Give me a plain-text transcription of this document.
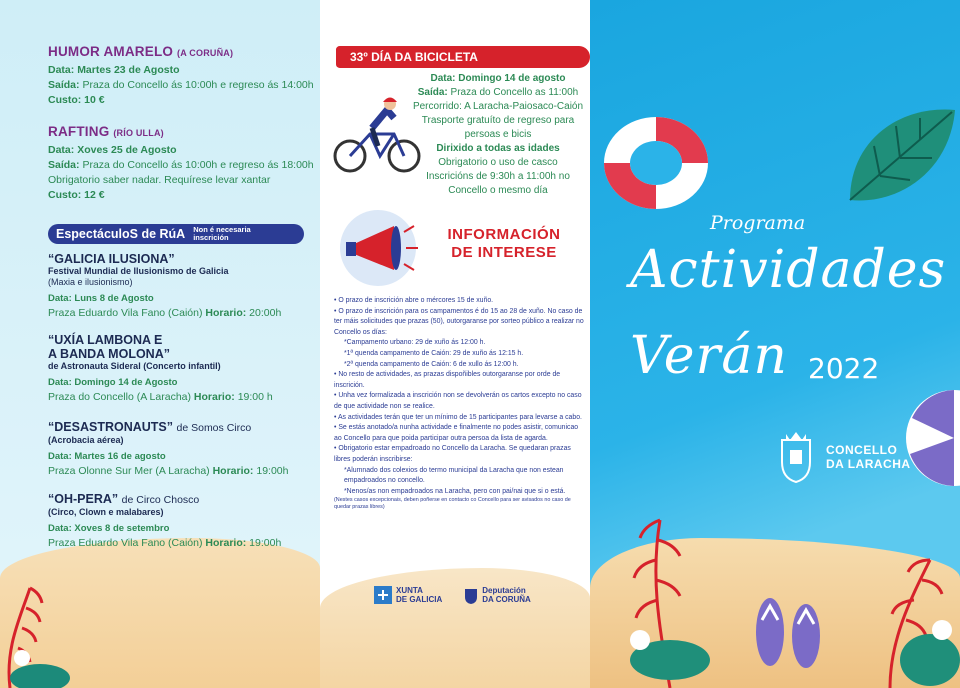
HUMOR AMARELO (A CORUÑA)
Data: Martes 23 de Agosto
Saída: Praza do Concello ás 10:00h e regreso ás 14:00h
Custo: 10 €
RAFTING (RÍO ULLA)
Data: Xoves 25 de Agosto
Saída: Praza do Concello ás 10:00h e regreso ás 18:00h
Obrigatorio saber nadar. Requírese levar xantar
Custo: 12 €
EspectáculoS de RúA Non é necesaria
inscrición
“GALICIA ILUSIONA”
Festival Mundial de Ilusionismo de Galicia
(Maxia e ilusionismo)
Data: Luns 8 de Agosto
Praza Eduardo Vila Fano (Caión) Horario: 20:00h
“UXÍA LAMBONA E
A BANDA MOLONA”
de Astronauta Sideral (Concerto infantil)
Data: Domingo 14 de Agosto
Praza do Concello (A Laracha) Horario: 19:00 h
“DESASTRONAUTS” de Somos Circo
(Acrobacia aérea)
Data: Martes 16 de agosto
Praza Olonne Sur Mer (A Laracha) Horario: 19:00h
“OH-PERA” de Circo Chosco
(Circo, Clown e malabares)
Data: Xoves 8 de setembro
Praza Eduardo Vila Fano (Caión) Horario: 19:00h
33º DÍA DA BICICLETA
Data: Domingo 14 de agosto
Saída: Praza do Concello as 11:00h
Percorrido: A Laracha-Paiosaco-Caión
Trasporte gratuíto de regreso para persoas e bicis
Dirixido a todas as idades
Obrigatorio o uso de casco
Inscricións de 9:30h a 11:00h no Concello o mesmo día
INFORMACIÓN
DE INTERESE
• O prazo de inscrición abre o mércores 15 de xuño.
• O prazo de inscrición para os campamentos é do 15 ao 28 de xuño. No caso de ter máis solicitudes que prazas (50), outorgaranse por sorteo público a realizar no Concello os días:
*Campamento urbano: 29 de xuño ás 12:00 h.
*1ª quenda campamento de Caión: 29 de xuño ás 12:15 h.
*2ª quenda campamento de Caión: 6 de xullo ás 12:00 h.
• No resto de actividades, as prazas dispoñibles outorgaranse por orde de inscrición.
• Unha vez formalizada a inscrición non se devolverán os cartos excepto no caso de que actividade non se realice.
• As actividades terán que ter un mínimo de 15 participantes para levarse a cabo.
• Se estás anotado/a nunha actividade e finalmente no podes asistir, comunicao ao Concello para que poida participar outra persoa da lista de agarda.
• Obrigatorio estar empadroado no Concello da Laracha. Se quedaran prazas libres poderán inscribirse:
*Alumnado dos colexios do termo municipal da Laracha que non estean empadroados no concello.
*Nenos/as non empadroados na Laracha, pero con pai/nai que si o está.
(Nestes casos excepcionais, deben poñerse en contacto co Concello para ser avisados no caso de quedar prazas libres)
XUNTA
DE GALICIA
Deputación
DA CORUÑA
Programa
Actividades
Verán 2022
CONCELLO
DA LARACHA
